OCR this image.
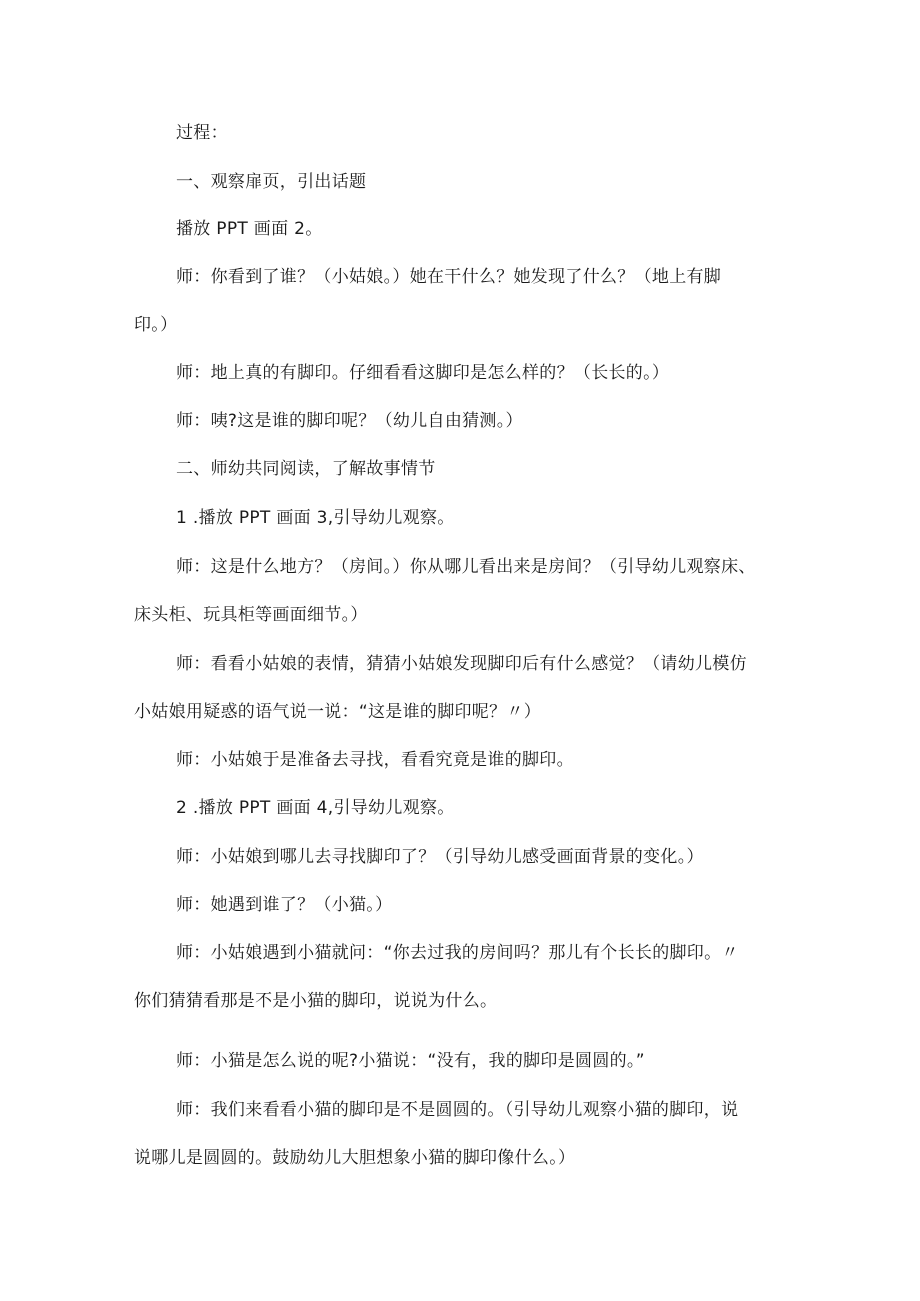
过程：
一、观察扉页，引出话题
播放 PPT 画面 2。
师：你看到了谁？（小姑娘。）她在干什么？她发现了什么？（地上有脚
印。）
师：地上真的有脚印。仔细看看这脚印是怎么样的？（长长的。）
师：咦?这是谁的脚印呢？（幼儿自由猜测。）
二、师幼共同阅读，了解故事情节
1 .播放 PPT 画面 3,引导幼儿观察。
师：这是什么地方？（房间。）你从哪儿看出来是房间？（引导幼儿观察床、
床头柜、玩具柜等画面细节。）
师：看看小姑娘的表情，猜猜小姑娘发现脚印后有什么感觉？（请幼儿模仿
小姑娘用疑惑的语气说一说：“这是谁的脚印呢？〃）
师：小姑娘于是准备去寻找，看看究竟是谁的脚印。
2 .播放 PPT 画面 4,引导幼儿观察。
师：小姑娘到哪儿去寻找脚印了？（引导幼儿感受画面背景的变化。）
师：她遇到谁了？（小猫。）
师：小姑娘遇到小猫就问：“你去过我的房间吗？那儿有个长长的脚印。〃
你们猜猜看那是不是小猫的脚印，说说为什么。
师：小猫是怎么说的呢?小猫说：“没有，我的脚印是圆圆的。”
师：我们来看看小猫的脚印是不是圆圆的。（引导幼儿观察小猫的脚印，说
说哪儿是圆圆的。鼓励幼儿大胆想象小猫的脚印像什么。）
